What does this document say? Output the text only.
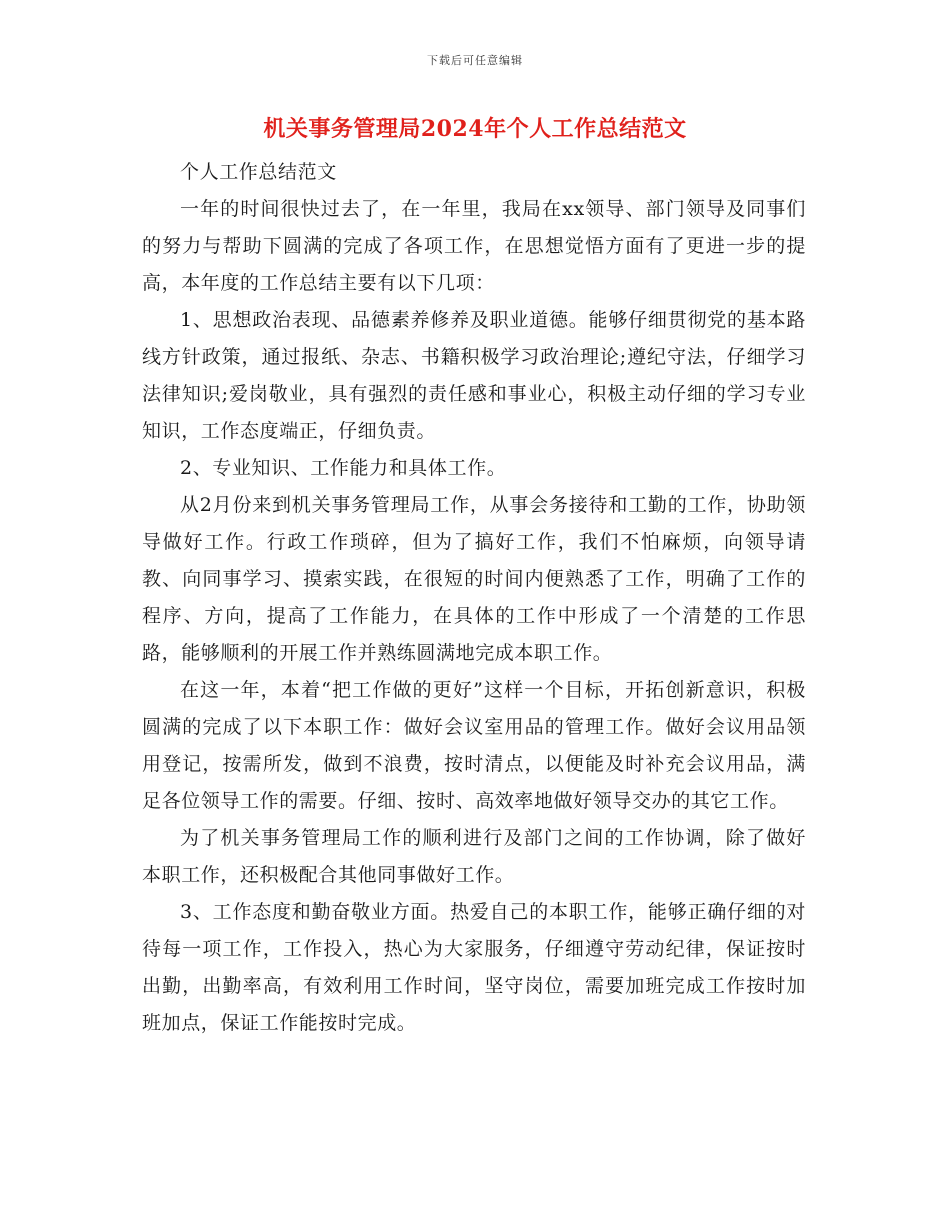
下载后可任意编辑
机关事务管理局2024年个人工作总结范文

个人工作总结范文

一年的时间很快过去了，在一年里，我局在xx领导、部门领导及同事们的努力与帮助下圆满的完成了各项工作，在思想觉悟方面有了更进一步的提高，本年度的工作总结主要有以下几项：

1、思想政治表现、品德素养修养及职业道德。能够仔细贯彻党的基本路线方针政策，通过报纸、杂志、书籍积极学习政治理论;遵纪守法，仔细学习法律知识;爱岗敬业，具有强烈的责任感和事业心，积极主动仔细的学习专业知识，工作态度端正，仔细负责。

2、专业知识、工作能力和具体工作。

从2月份来到机关事务管理局工作，从事会务接待和工勤的工作，协助领导做好工作。行政工作琐碎，但为了搞好工作，我们不怕麻烦，向领导请教、向同事学习、摸索实践，在很短的时间内便熟悉了工作，明确了工作的程序、方向，提高了工作能力，在具体的工作中形成了一个清楚的工作思路，能够顺利的开展工作并熟练圆满地完成本职工作。

在这一年，本着“把工作做的更好”这样一个目标，开拓创新意识，积极圆满的完成了以下本职工作：做好会议室用品的管理工作。做好会议用品领用登记，按需所发，做到不浪费，按时清点，以便能及时补充会议用品，满足各位领导工作的需要。仔细、按时、高效率地做好领导交办的其它工作。

为了机关事务管理局工作的顺利进行及部门之间的工作协调，除了做好本职工作，还积极配合其他同事做好工作。

3、工作态度和勤奋敬业方面。热爱自己的本职工作，能够正确仔细的对待每一项工作，工作投入，热心为大家服务，仔细遵守劳动纪律，保证按时出勤，出勤率高，有效利用工作时间，坚守岗位，需要加班完成工作按时加班加点，保证工作能按时完成。
